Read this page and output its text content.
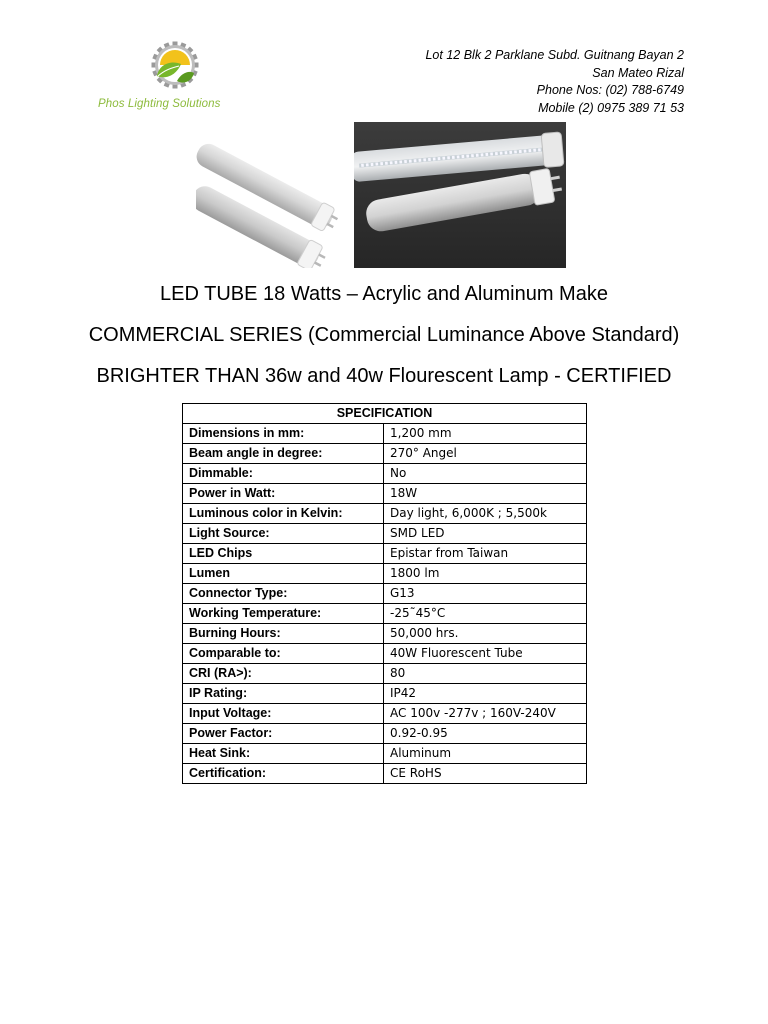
Phos Lighting Solutions
Lot 12 Blk 2 Parklane Subd. Guitnang Bayan 2
San Mateo Rizal
Phone Nos: (02) 788-6749
Mobile (2) 0975 389 71 53
LED TUBE 18 Watts – Acrylic and Aluminum Make
COMMERCIAL SERIES (Commercial Luminance Above Standard)
BRIGHTER THAN 36w and 40w Flourescent Lamp - CERTIFIED
SPECIFICATION	
Dimensions in mm:	1,200 mm
Beam angle in degree:	270° Angel
Dimmable:	No
Power in Watt:	18W
Luminous color in Kelvin:	Day light, 6,000K ; 5,500k
Light Source:	SMD LED
LED Chips	Epistar from Taiwan
Lumen	1800 lm
Connector Type:	G13
Working Temperature:	-25˜45°C
Burning Hours:	50,000 hrs.
Comparable to:	40W Fluorescent Tube
CRI (RA>):	80
IP Rating:	IP42
Input Voltage:	AC 100v -277v ; 160V-240V
Power Factor:	0.92-0.95
Heat Sink:	Aluminum
Certification:	CE RoHS
